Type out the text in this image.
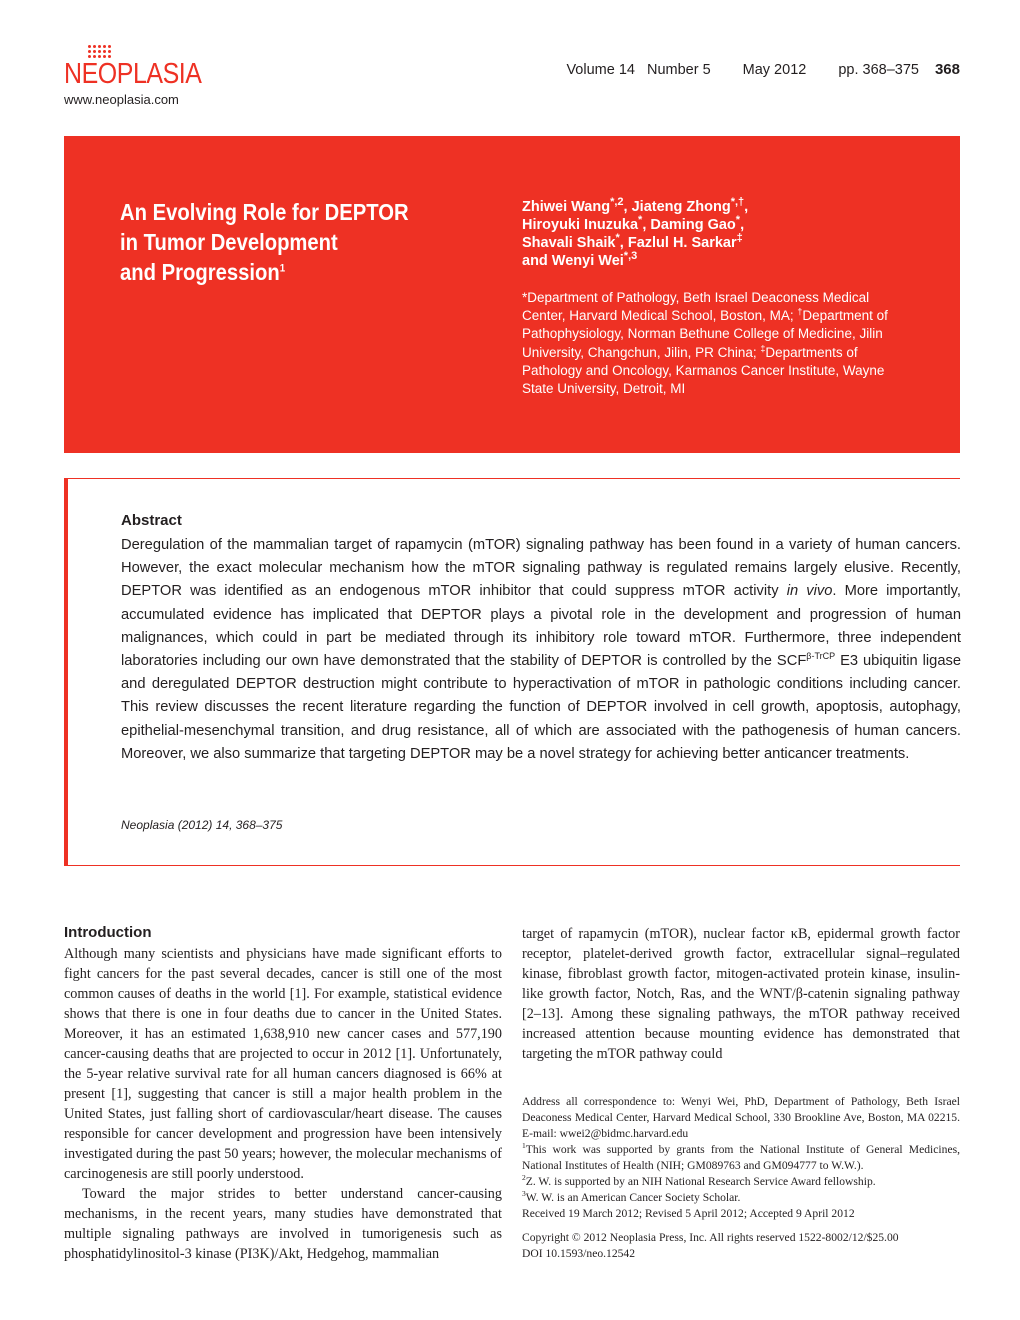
NEOPLASIA
www.neoplasia.com
Volume 14 Number 5 May 2012 pp. 368–375 368
An Evolving Role for DEPTOR
in Tumor Development
and Progression$^1$
Zhiwei Wang$^{*,2}$, Jiateng Zhong*,†,
Hiroyuki Inuzuka*, Daming Gao*,
Shavali Shaik*, Fazlul H. Sarkar‡
and Wenyi Wei$^{*,3}$
*Department of Pathology, Beth Israel Deaconess Medical Center, Harvard Medical School, Boston, MA; †Department of Pathophysiology, Norman Bethune College of Medicine, Jilin University, Changchun, Jilin, PR China; ‡Departments of Pathology and Oncology, Karmanos Cancer Institute, Wayne State University, Detroit, MI
Abstract
Deregulation of the mammalian target of rapamycin (mTOR) signaling pathway has been found in a variety of human cancers. However, the exact molecular mechanism how the mTOR signaling pathway is regulated remains largely elusive. Recently, DEPTOR was identified as an endogenous mTOR inhibitor that could suppress mTOR activity in vivo. More importantly, accumulated evidence has implicated that DEPTOR plays a pivotal role in the development and progression of human malignances, which could in part be mediated through its inhibitory role toward mTOR. Furthermore, three independent laboratories including our own have demonstrated that the stability of DEPTOR is controlled by the $SCF^{\beta-TrCP}$ E3 ubiquitin ligase and deregulated DEPTOR destruction might contribute to hyperactivation of mTOR in pathologic conditions including cancer. This review discusses the recent literature regarding the function of DEPTOR involved in cell growth, apoptosis, autophagy, epithelial-mesenchymal transition, and drug resistance, all of which are associated with the pathogenesis of human cancers. Moreover, we also summarize that targeting DEPTOR may be a novel strategy for achieving better anticancer treatments.
Neoplasia (2012) 14, 368–375
Introduction

Although many scientists and physicians have made significant efforts to fight cancers for the past several decades, cancer is still one of the most common causes of deaths in the world [1]. For example, statistical evidence shows that there is one in four deaths due to cancer in the United States. Moreover, it has an estimated 1,638,910 new cancer cases and 577,190 cancer-causing deaths that are projected to occur in 2012 [1]. Unfortunately, the 5-year relative survival rate for all human cancers diagnosed is 66% at present [1], suggesting that cancer is still a major health problem in the United States, just falling short of cardiovascular/heart disease. The causes responsible for cancer development and progression have been intensively investigated during the past 50 years; however, the molecular mechanisms of carcinogenesis are still poorly understood.

Toward the major strides to better understand cancer-causing mechanisms, in the recent years, many studies have demonstrated that multiple signaling pathways are involved in tumorigenesis such as phosphatidylinositol-3 kinase (PI3K)/Akt, Hedgehog, mammalian

target of rapamycin (mTOR), nuclear factor κB, epidermal growth factor receptor, platelet-derived growth factor, extracellular signal–regulated kinase, fibroblast growth factor, mitogen-activated protein kinase, insulin-like growth factor, Notch, Ras, and the WNT/β-catenin signaling pathway [2–13]. Among these signaling pathways, the mTOR pathway received increased attention because mounting evidence has demonstrated that targeting the mTOR pathway could

Address all correspondence to: Wenyi Wei, PhD, Department of Pathology, Beth Israel Deaconess Medical Center, Harvard Medical School, 330 Brookline Ave, Boston, MA 02215. E-mail: wwei2@bidmc.harvard.edu

$^1$This work was supported by grants from the National Institute of General Medicines, National Institutes of Health (NIH; GM089763 and GM094777 to W.W.).

$^2$Z. W. is supported by an NIH National Research Service Award fellowship.

$^3$W. W. is an American Cancer Society Scholar.

Received 19 March 2012; Revised 5 April 2012; Accepted 9 April 2012

Copyright © 2012 Neoplasia Press, Inc. All rights reserved 1522-8002/12/$25.00

DOI 10.1593/neo.12542
